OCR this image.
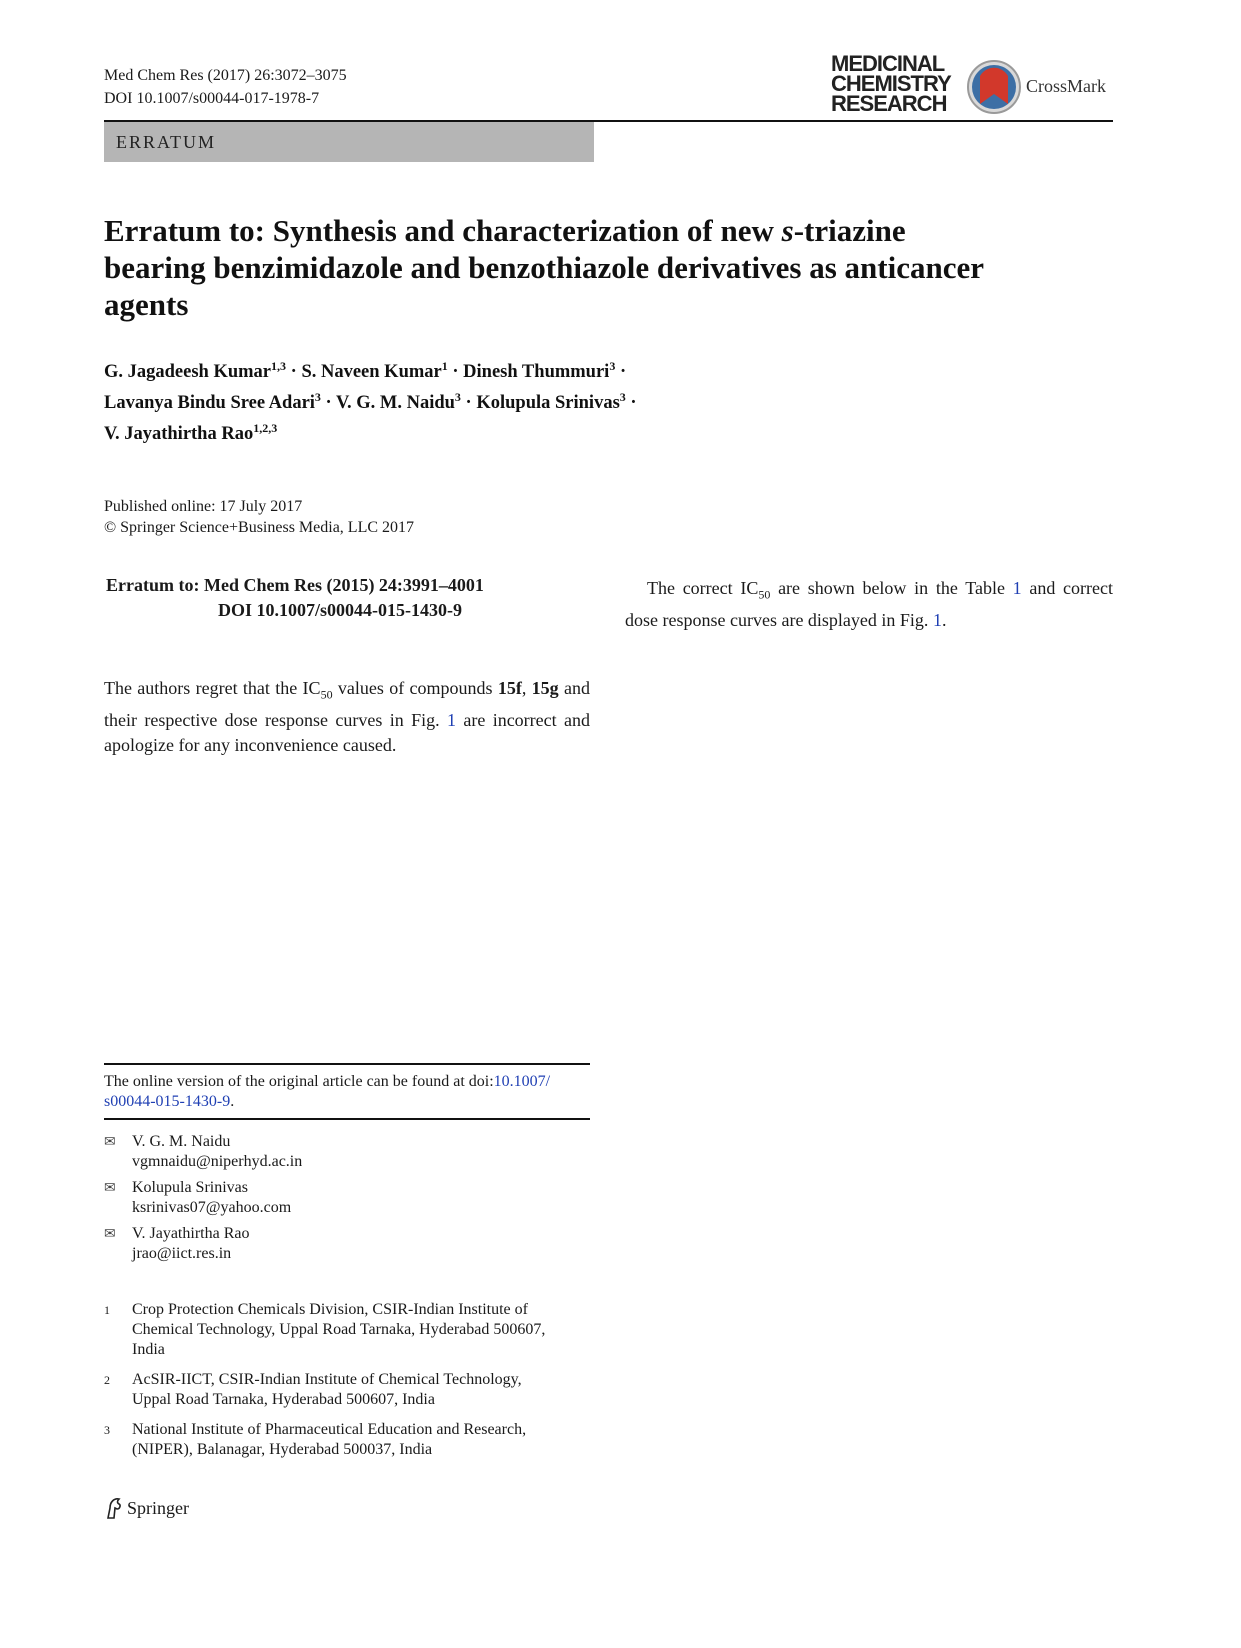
Med Chem Res (2017) 26:3072–3075
DOI 10.1007/s00044-017-1978-7
MEDICINAL
CHEMISTRY
RESEARCH
CrossMark
ERRATUM
Erratum to: Synthesis and characterization of new s-triazine
bearing benzimidazole and benzothiazole derivatives as anticancer
agents
G. Jagadeesh Kumar$^{1,3}$ · S. Naveen Kumar$^1$ · Dinesh Thummuri$^3$ ·
Lavanya Bindu Sree Adari$^3$ · V. G. M. Naidu$^3$ · Kolupula Srinivas$^3$ ·
V. Jayathirtha Rao$^{1,2,3}$
Published online: 17 July 2017
© Springer Science+Business Media, LLC 2017
Erratum to: Med Chem Res (2015) 24:3991–4001
DOI 10.1007/s00044-015-1430-9
The authors regret that the $IC_{50}$ values of compounds 15f, 15g and their respective dose response curves in Fig. 1 are incorrect and apologize for any inconvenience caused.
The correct $IC_{50}$ are shown below in the Table 1 and correct dose response curves are displayed in Fig. 1.
The online version of the original article can be found at doi:10.1007/
s00044-015-1430-9.
✉	V. G. M. Naidu
vgmnaidu@niperhyd.ac.in
✉	Kolupula Srinivas
ksrinivas07@yahoo.com
✉	V. Jayathirtha Rao
jrao@iict.res.in
1	Crop Protection Chemicals Division, CSIR-Indian Institute of
Chemical Technology, Uppal Road Tarnaka, Hyderabad 500607,
India
2	AcSIR-IICT, CSIR-Indian Institute of Chemical Technology,
Uppal Road Tarnaka, Hyderabad 500607, India
3	National Institute of Pharmaceutical Education and Research,
(NIPER), Balanagar, Hyderabad 500037, India
Springer
